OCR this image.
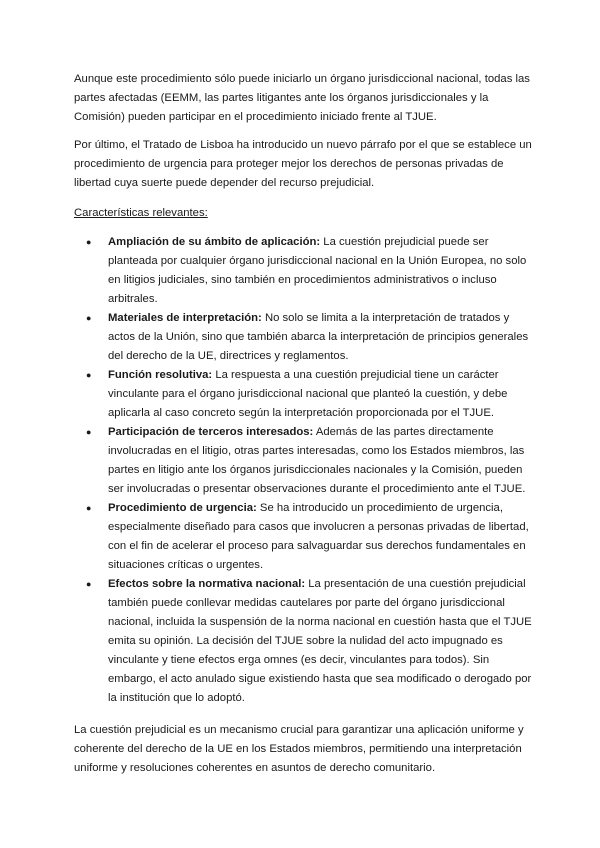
Aunque este procedimiento sólo puede iniciarlo un órgano jurisdiccional nacional, todas las partes afectadas (EEMM, las partes litigantes ante los órganos jurisdiccionales y la Comisión) pueden participar en el procedimiento iniciado frente al TJUE.

Por último, el Tratado de Lisboa ha introducido un nuevo párrafo por el que se establece un procedimiento de urgencia para proteger mejor los derechos de personas privadas de libertad cuya suerte puede depender del recurso prejudicial.

Características relevantes:

● Ampliación de su ámbito de aplicación: La cuestión prejudicial puede ser planteada por cualquier órgano jurisdiccional nacional en la Unión Europea, no solo en litigios judiciales, sino también en procedimientos administrativos o incluso arbitrales.
● Materiales de interpretación: No solo se limita a la interpretación de tratados y actos de la Unión, sino que también abarca la interpretación de principios generales del derecho de la UE, directrices y reglamentos.
● Función resolutiva: La respuesta a una cuestión prejudicial tiene un carácter vinculante para el órgano jurisdiccional nacional que planteó la cuestión, y debe aplicarla al caso concreto según la interpretación proporcionada por el TJUE.
● Participación de terceros interesados: Además de las partes directamente involucradas en el litigio, otras partes interesadas, como los Estados miembros, las partes en litigio ante los órganos jurisdiccionales nacionales y la Comisión, pueden ser involucradas o presentar observaciones durante el procedimiento ante el TJUE.
● Procedimiento de urgencia: Se ha introducido un procedimiento de urgencia, especialmente diseñado para casos que involucren a personas privadas de libertad, con el fin de acelerar el proceso para salvaguardar sus derechos fundamentales en situaciones críticas o urgentes.
● Efectos sobre la normativa nacional: La presentación de una cuestión prejudicial también puede conllevar medidas cautelares por parte del órgano jurisdiccional nacional, incluida la suspensión de la norma nacional en cuestión hasta que el TJUE emita su opinión. La decisión del TJUE sobre la nulidad del acto impugnado es vinculante y tiene efectos erga omnes (es decir, vinculantes para todos). Sin embargo, el acto anulado sigue existiendo hasta que sea modificado o derogado por la institución que lo adoptó.

La cuestión prejudicial es un mecanismo crucial para garantizar una aplicación uniforme y coherente del derecho de la UE en los Estados miembros, permitiendo una interpretación uniforme y resoluciones coherentes en asuntos de derecho comunitario.
